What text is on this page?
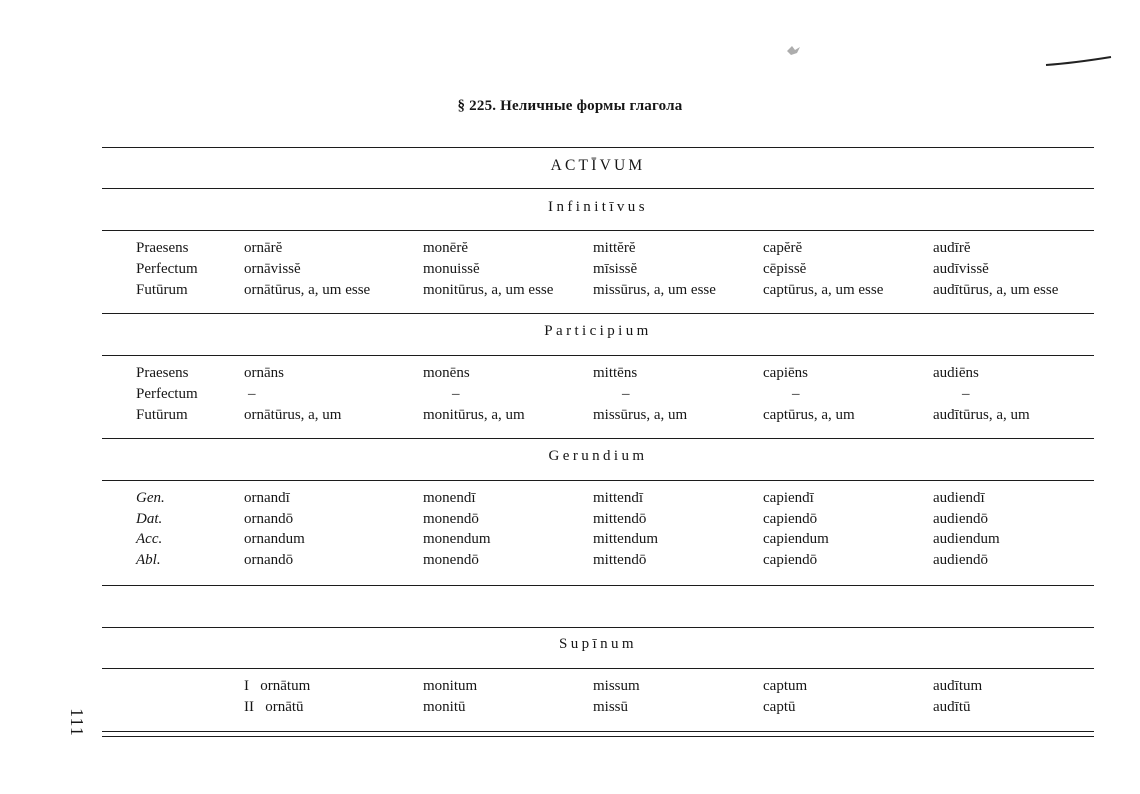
§ 225. Неличные формы глагола
ACTĪVUM
Infinitīvus
Praesens	ornārĕ	monērĕ	mittĕrĕ	capĕrĕ	audīrĕ
Perfectum	ornāvissĕ	monuissĕ	mīsissĕ	cēpissĕ	audīvissĕ
Futūrum	ornātūrus, a, um esse	monitūrus, a, um esse	missūrus, a, um esse	captūrus, a, um esse	audītūrus, a, um esse
Participium
Praesens	ornāns	monēns	mittēns	capiēns	audiēns
Perfectum	–	–	–	–	–
Futūrum	ornātūrus, a, um	monitūrus, a, um	missūrus, a, um	captūrus, a, um	audītūrus, a, um
Gerundium
Gen.	ornandī	monendī	mittendī	capiendī	audiendī
Dat.	ornandō	monendō	mittendō	capiendō	audiendō
Acc.	ornandum	monendum	mittendum	capiendum	audiendum
Abl.	ornandō	monendō	mittendō	capiendō	audiendō
Supīnum
I   ornātum	monitum	missum	captum	audītum
II   ornātū	monitū	missū	captū	audītū
111
